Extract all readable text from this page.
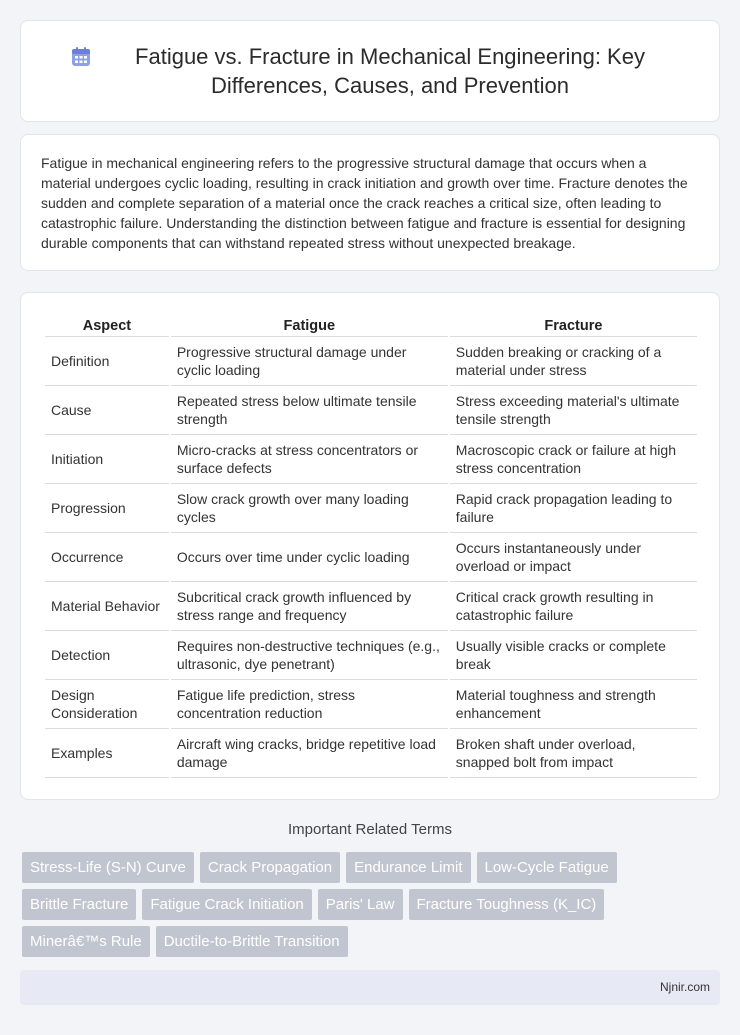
Fatigue vs. Fracture in Mechanical Engineering: Key Differences, Causes, and Prevention

Fatigue in mechanical engineering refers to the progressive structural damage that occurs when a material undergoes cyclic loading, resulting in crack initiation and growth over time. Fracture denotes the sudden and complete separation of a material once the crack reaches a critical size, often leading to catastrophic failure. Understanding the distinction between fatigue and fracture is essential for designing durable components that can withstand repeated stress without unexpected breakage.

Aspect	Fatigue	Fracture
Definition	Progressive structural damage under cyclic loading	Sudden breaking or cracking of a material under stress
Cause	Repeated stress below ultimate tensile strength	Stress exceeding material's ultimate tensile strength
Initiation	Micro-cracks at stress concentrators or surface defects	Macroscopic crack or failure at high stress concentration
Progression	Slow crack growth over many loading cycles	Rapid crack propagation leading to failure
Occurrence	Occurs over time under cyclic loading	Occurs instantaneously under overload or impact
Material Behavior	Subcritical crack growth influenced by stress range and frequency	Critical crack growth resulting in catastrophic failure
Detection	Requires non-destructive techniques (e.g., ultrasonic, dye penetrant)	Usually visible cracks or complete break
Design Consideration	Fatigue life prediction, stress concentration reduction	Material toughness and strength enhancement
Examples	Aircraft wing cracks, bridge repetitive load damage	Broken shaft under overload, snapped bolt from impact
Important Related Terms
Stress-Life (S-N) Curve	Crack Propagation	Endurance Limit	Low-Cycle Fatigue
Brittle Fracture	Fatigue Crack Initiation	Paris' Law	Fracture Toughness (K_IC)
Minerâ€™s Rule	Ductile-to-Brittle Transition
Njnir.com
